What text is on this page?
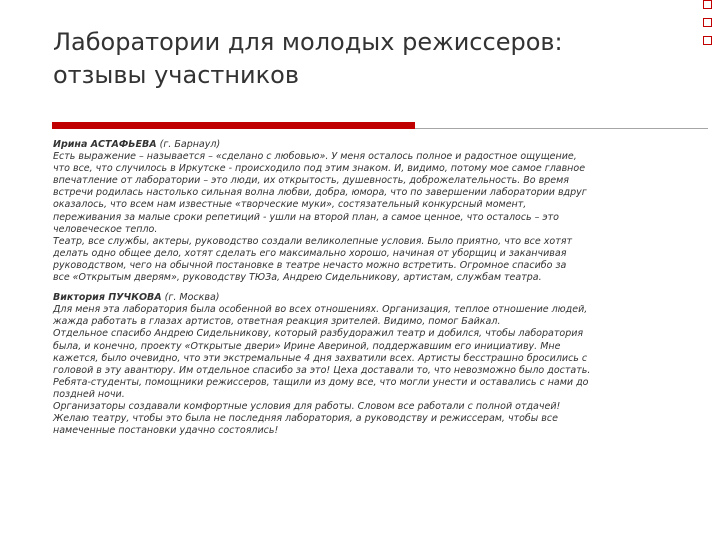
Лаборатории для молодых режиссеров:
отзывы участников
Ирина АСТАФЬЕВА (г. Барнаул)
Есть выражение – называется – «сделано с любовью». У меня осталось полное и радостное ощущение,
что все, что случилось в Иркутске - происходило под этим знаком. И, видимо, потому мое самое главное
впечатление от лаборатории – это люди, их открытость, душевность, доброжелательность. Во время
встречи родилась настолько сильная волна любви, добра, юмора, что по завершении лаборатории вдруг
оказалось, что всем нам известные «творческие муки», состязательный конкурсный момент,
переживания за малые сроки репетиций - ушли на второй план, а самое ценное, что осталось – это
человеческое тепло.
Театр, все службы, актеры, руководство создали великолепные условия. Было приятно, что все хотят
делать одно общее дело, хотят сделать его максимально хорошо, начиная от уборщиц и заканчивая
руководством, чего на обычной постановке в театре нечасто можно встретить. Огромное спасибо за
все «Открытым дверям», руководству ТЮЗа, Андрею Сидельникову, артистам, службам театра.
Виктория ПУЧКОВА (г. Москва)
Для меня эта лаборатория была особенной во всех отношениях. Организация, теплое отношение людей,
жажда работать в глазах артистов, ответная реакция зрителей. Видимо, помог Байкал.
Отдельное спасибо Андрею Сидельникову, который разбудоражил театр и добился, чтобы лаборатория
была, и конечно, проекту «Открытые двери» Ирине Авериной, поддержавшим его инициативу. Мне
кажется, было очевидно, что эти экстремальные 4 дня захватили всех. Артисты бесстрашно бросились с
головой в эту авантюру. Им отдельное спасибо за это! Цеха доставали то, что невозможно было достать.
Ребята-студенты, помощники режиссеров, тащили из дому все, что могли унести и оставались с нами до
поздней ночи.
Организаторы создавали комфортные условия для работы. Словом все работали с полной отдачей!
Желаю театру, чтобы это была не последняя лаборатория, а руководству и режиссерам, чтобы все
намеченные постановки удачно состоялись!
